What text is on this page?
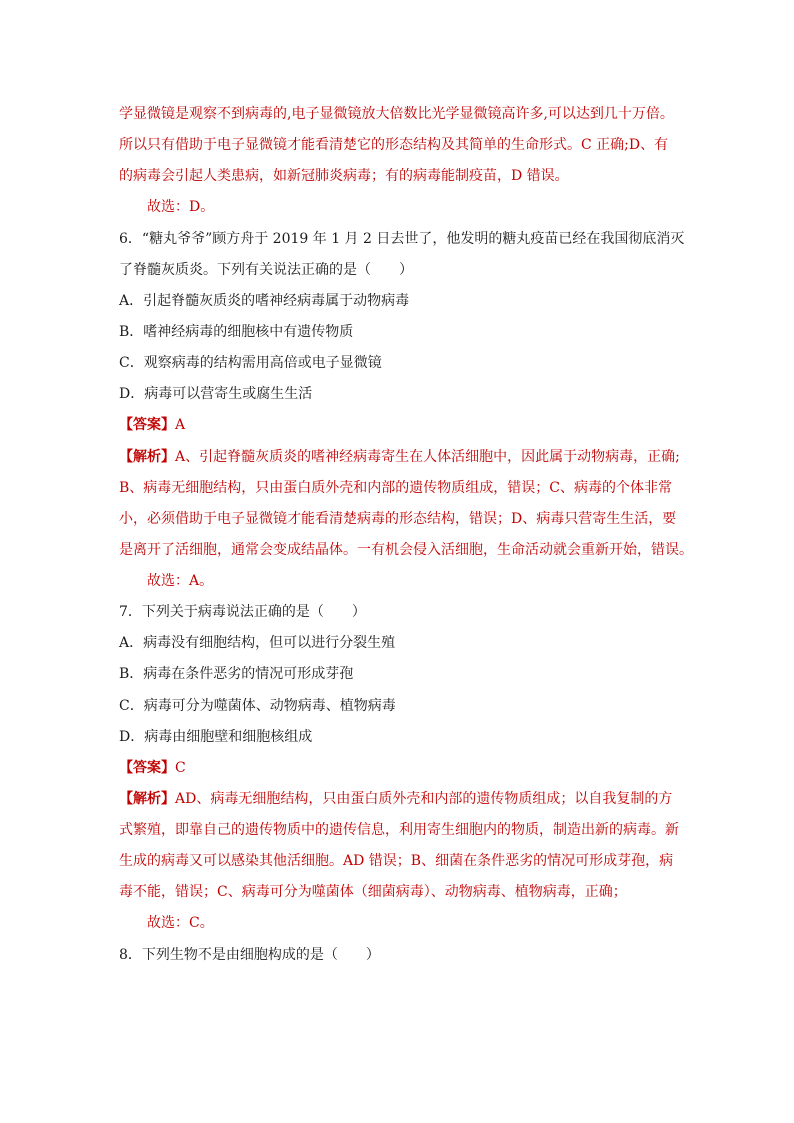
学显微镜是观察不到病毒的,电子显微镜放大倍数比光学显微镜高许多,可以达到几十万倍。
所以只有借助于电子显微镜才能看清楚它的形态结构及其简单的生命形式。C 正确;D、有
的病毒会引起人类患病，如新冠肺炎病毒；有的病毒能制疫苗，D 错误。
故选：D。
6．“糖丸爷爷”顾方舟于 2019 年 1 月 2 日去世了，他发明的糖丸疫苗已经在我国彻底消灭
了脊髓灰质炎。下列有关说法正确的是（　　）
A．引起脊髓灰质炎的嗜神经病毒属于动物病毒
B．嗜神经病毒的细胞核中有遗传物质
C．观察病毒的结构需用高倍或电子显微镜
D．病毒可以营寄生或腐生生活
【答案】A
【解析】A、引起脊髓灰质炎的嗜神经病毒寄生在人体活细胞中，因此属于动物病毒，正确;
B、病毒无细胞结构，只由蛋白质外壳和内部的遗传物质组成，错误；C、病毒的个体非常
小，必须借助于电子显微镜才能看清楚病毒的形态结构，错误；D、病毒只营寄生生活，要
是离开了活细胞，通常会变成结晶体。一有机会侵入活细胞，生命活动就会重新开始，错误。
故选：A。
7．下列关于病毒说法正确的是（　　）
A．病毒没有细胞结构，但可以进行分裂生殖
B．病毒在条件恶劣的情况可形成芽孢
C．病毒可分为噬菌体、动物病毒、植物病毒
D．病毒由细胞壁和细胞核组成
【答案】C
【解析】AD、病毒无细胞结构，只由蛋白质外壳和内部的遗传物质组成；以自我复制的方
式繁殖，即靠自己的遗传物质中的遗传信息，利用寄生细胞内的物质，制造出新的病毒。新
生成的病毒又可以感染其他活细胞。AD 错误；B、细菌在条件恶劣的情况可形成芽孢，病
毒不能，错误；C、病毒可分为噬菌体（细菌病毒）、动物病毒、植物病毒，正确；
故选：C。
8．下列生物不是由细胞构成的是（　　）
